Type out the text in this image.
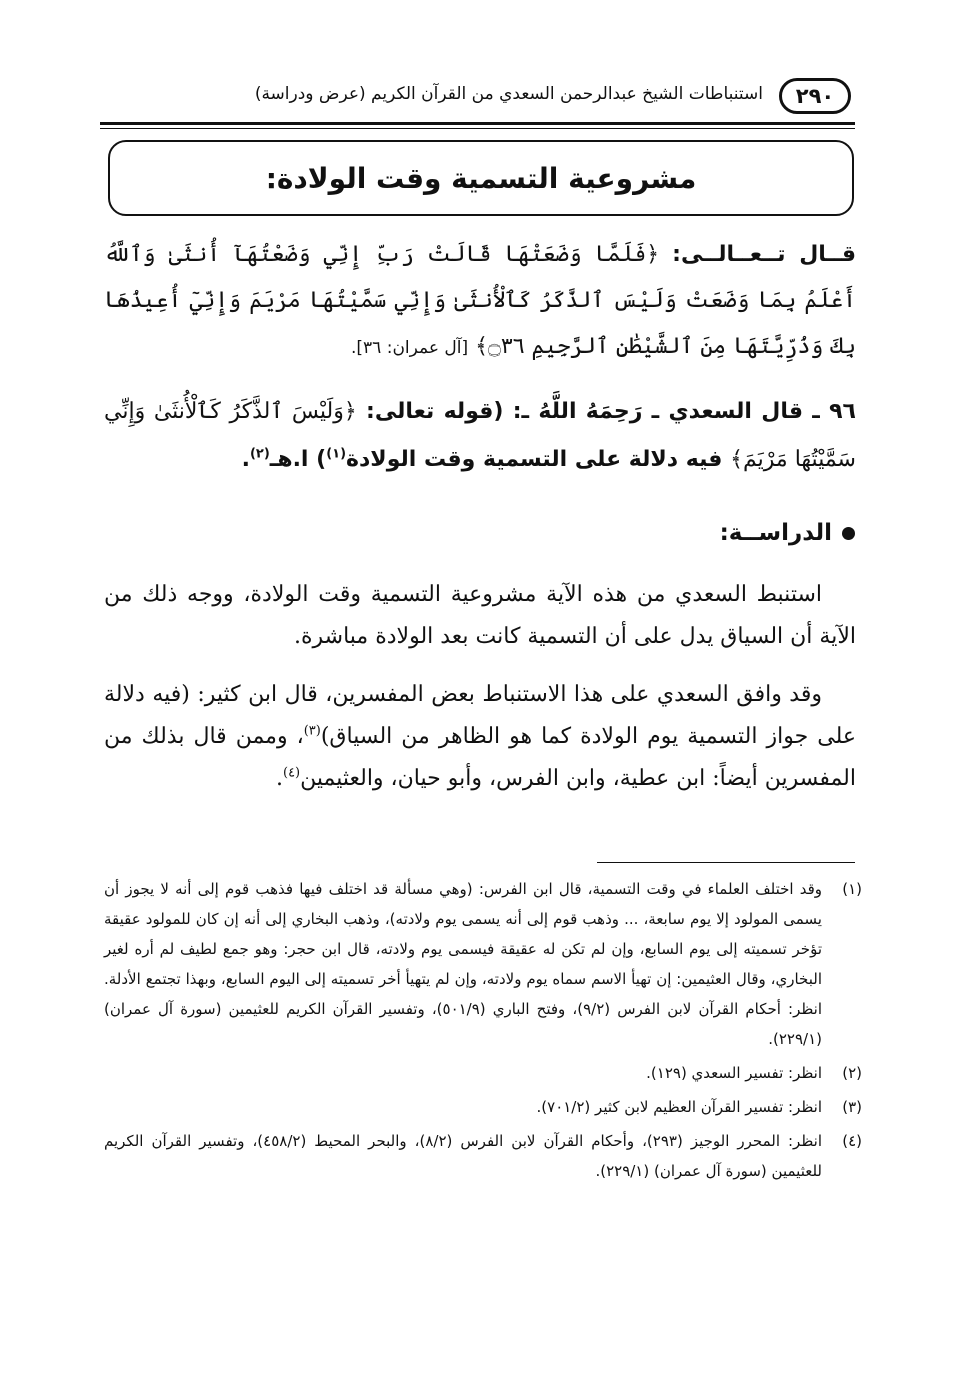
٢٩٠
استنباطات الشيخ عبدالرحمن السعدي من القرآن الكريم (عرض ودراسة)
مشروعية التسمية وقت الولادة:
قــال تــعــالــى: ﴿فَلَمَّا وَضَعَتْهَا قَالَتْ رَبِّ إِنِّي وَضَعْتُهَآ أُنثَىٰ وَٱللَّهُ أَعْلَمُ بِمَا وَضَعَتْ وَلَيْسَ ٱلذَّكَرُ كَٱلْأُنثَىٰ وَإِنِّي سَمَّيْتُهَا مَرْيَمَ وَإِنِّيٓ أُعِيذُهَا بِكَ وَذُرِّيَّتَهَا مِنَ ٱلشَّيْطَٰنِ ٱلرَّجِيمِ ۝٣٦﴾ [آل عمران: ٣٦].
٩٦ ـ قال السعدي ـ رَحِمَهُ اللَّهُ ـ: (قوله تعالى: ﴿وَلَيْسَ ٱلذَّكَرُ كَٱلْأُنثَىٰ وَإِنِّي سَمَّيْتُهَا مَرْيَمَ﴾ فيه دلالة على التسمية وقت الولادة$^{(١)}$) ا.هـ$^{(٢)}$.
الدراســة:
استنبط السعدي من هذه الآية مشروعية التسمية وقت الولادة، ووجه ذلك من الآية أن السياق يدل على أن التسمية كانت بعد الولادة مباشرة.
وقد وافق السعدي على هذا الاستنباط بعض المفسرين، قال ابن كثير: (فيه دلالة على جواز التسمية يوم الولادة كما هو الظاهر من السياق)$^{(٣)}$، وممن قال بذلك من المفسرين أيضاً: ابن عطية، وابن الفرس، وأبو حيان، والعثيمين$^{(٤)}$.
(١)
وقد اختلف العلماء في وقت التسمية، قال ابن الفرس: (وهي مسألة قد اختلف فيها فذهب قوم إلى أنه لا يجوز أن يسمى المولود إلا يوم سابعة، ... وذهب قوم إلى أنه يسمى يوم ولادته)، وذهب البخاري إلى أنه إن كان للمولود عقيقة تؤخر تسميته إلى يوم السابع، وإن لم تكن له عقيقة فيسمى يوم ولادته، قال ابن حجر: وهو جمع لطيف لم أره لغير البخاري، وقال العثيمين: إن تهيأ الاسم سماه يوم ولادته، وإن لم يتهيأ أخر تسميته إلى اليوم السابع، وبهذا تجتمع الأدلة. انظر: أحكام القرآن لابن الفرس (٩/٢)، وفتح الباري (٥٠١/٩)، وتفسير القرآن الكريم للعثيمين (سورة آل عمران) (٢٢٩/١).
(٢)
انظر: تفسير السعدي (١٢٩).
(٣)
انظر: تفسير القرآن العظيم لابن كثير (٧٠١/٢).
(٤)
انظر: المحرر الوجيز (٢٩٣)، وأحكام القرآن لابن الفرس (٨/٢)، والبحر المحيط (٤٥٨/٢)، وتفسير القرآن الكريم للعثيمين (سورة آل عمران) (٢٢٩/١).
